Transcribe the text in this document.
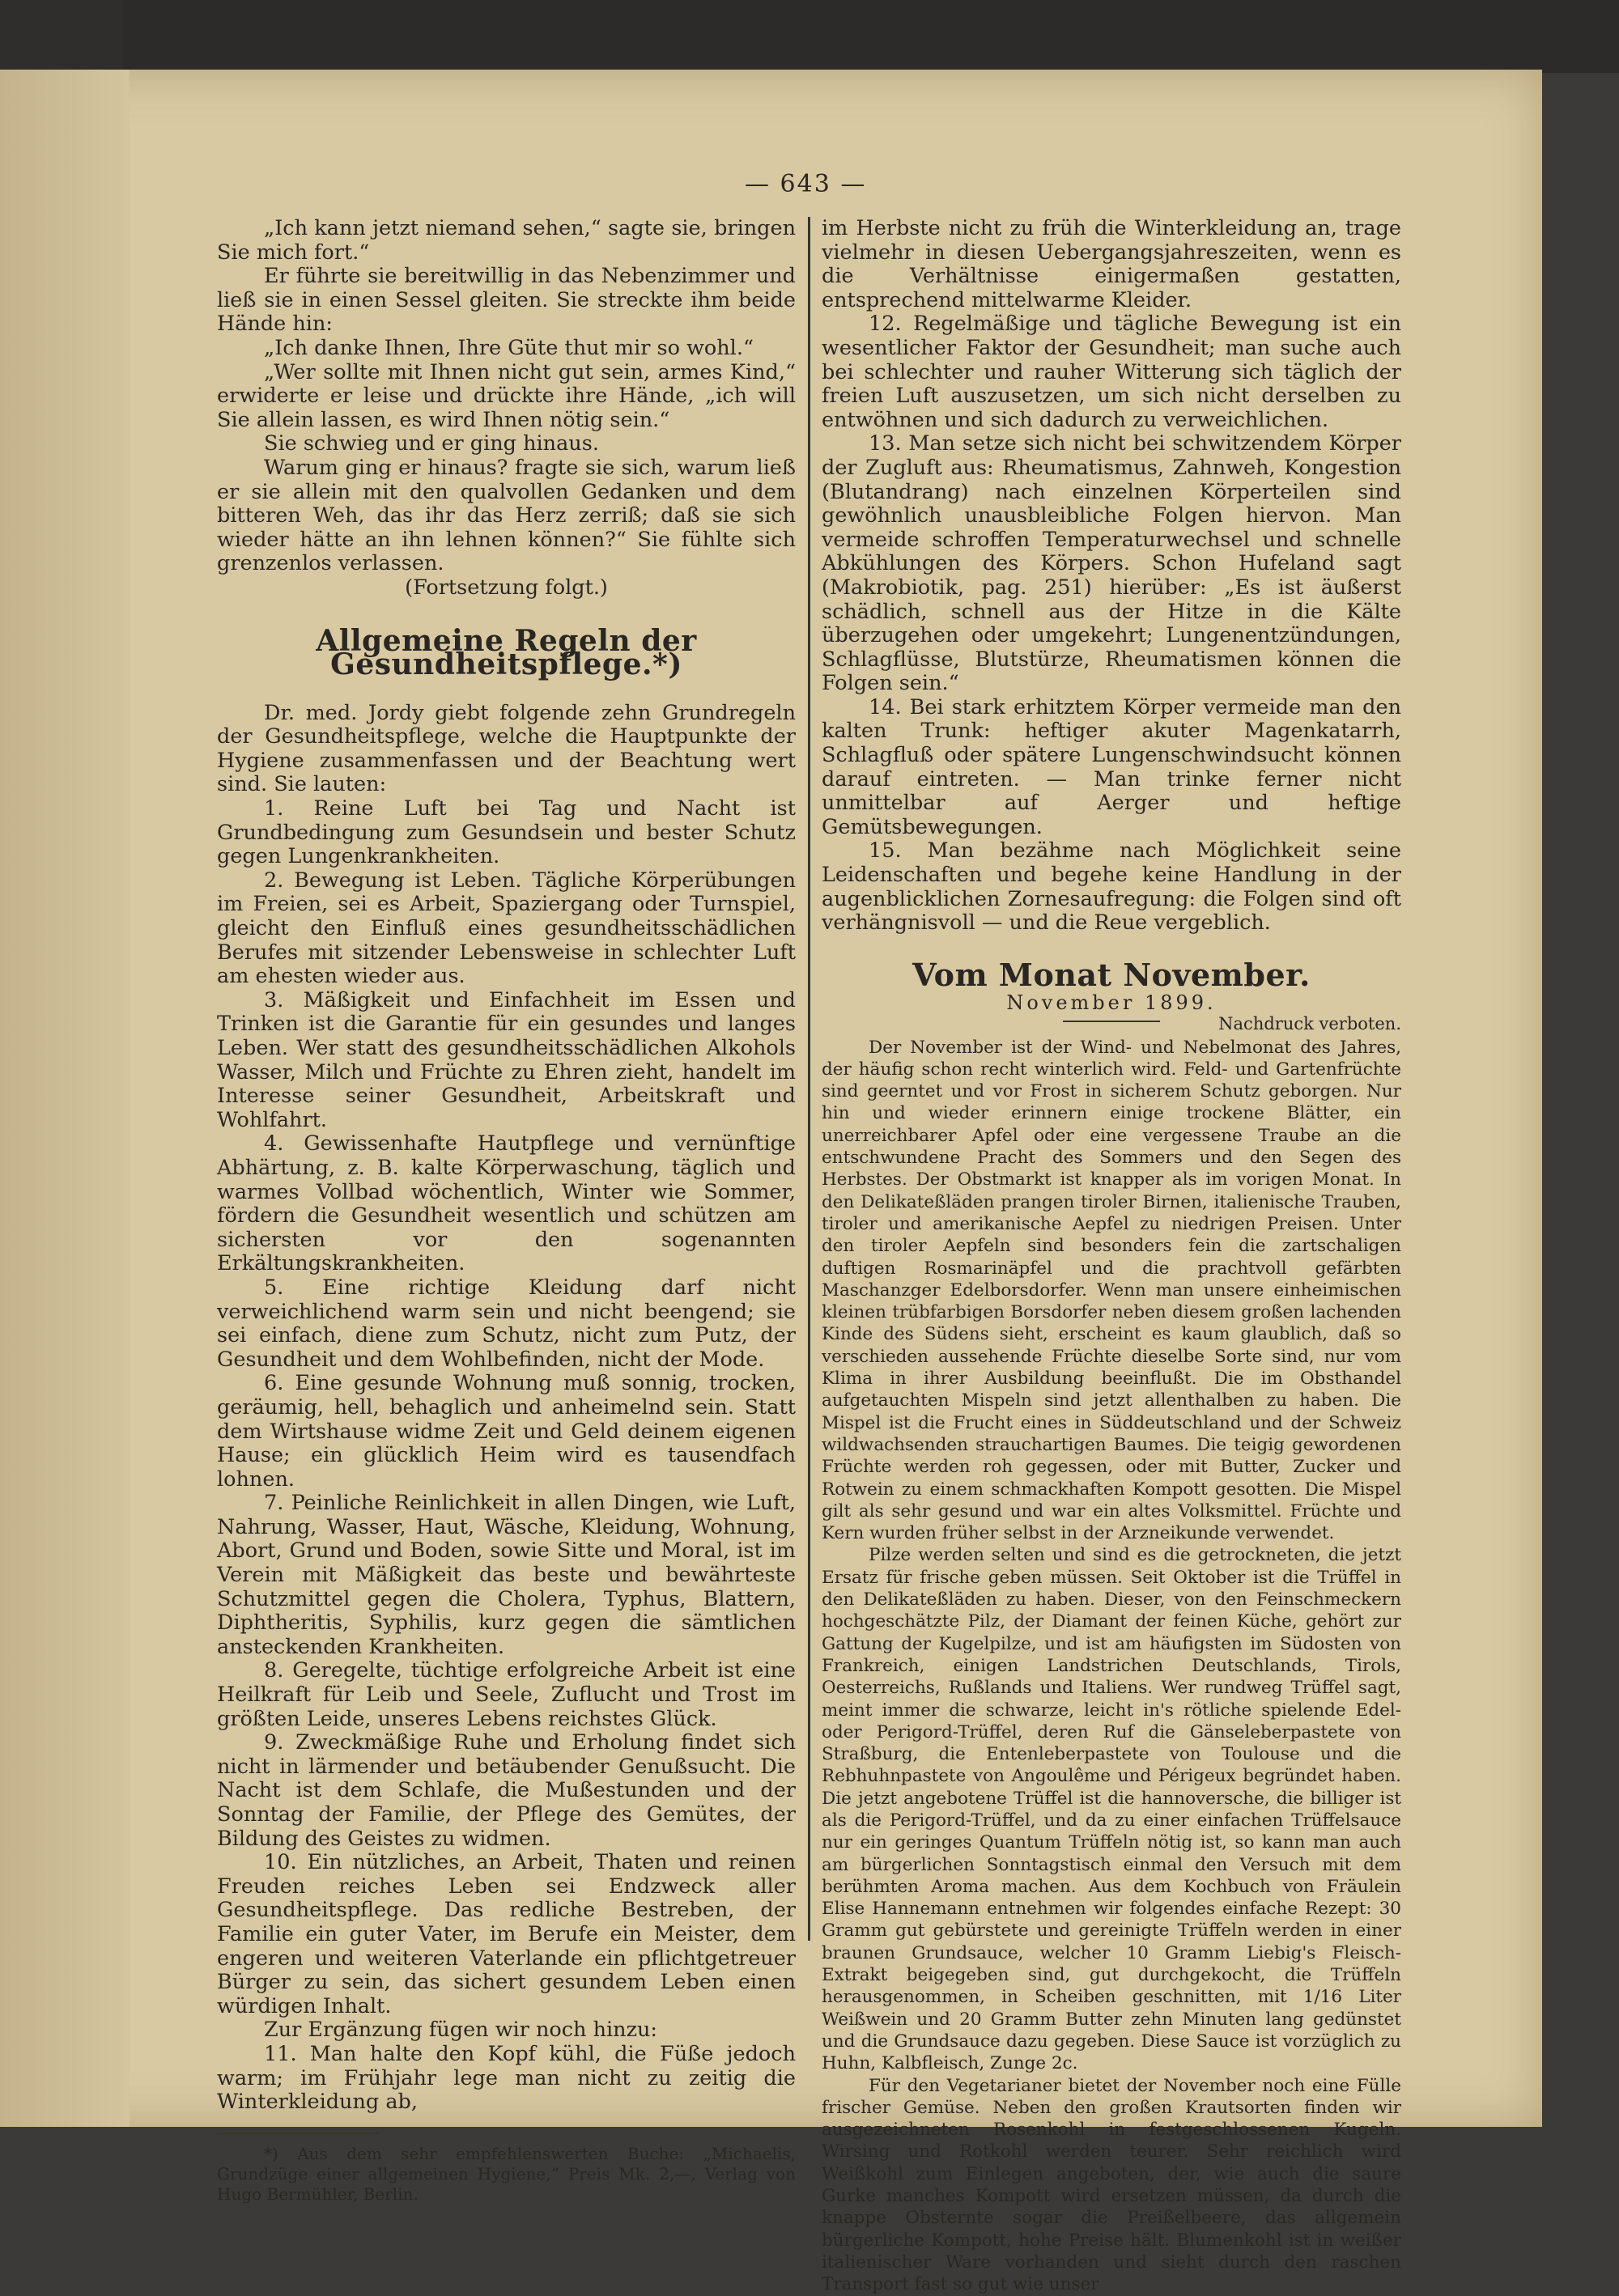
— 643 —

„Ich kann jetzt niemand sehen,“ sagte sie, bringen Sie mich fort.“

Er führte sie bereitwillig in das Nebenzimmer und ließ sie in einen Sessel gleiten. Sie streckte ihm beide Hände hin:

„Ich danke Ihnen, Ihre Güte thut mir so wohl.“

„Wer sollte mit Ihnen nicht gut sein, armes Kind,“ erwiderte er leise und drückte ihre Hände, „ich will Sie allein lassen, es wird Ihnen nötig sein.“

Sie schwieg und er ging hinaus.

Warum ging er hinaus? fragte sie sich, warum ließ er sie allein mit den qualvollen Gedanken und dem bitteren Weh, das ihr das Herz zerriß; daß sie sich wieder hätte an ihn lehnen können?“ Sie fühlte sich grenzenlos verlassen.

(Fortsetzung folgt.)

Allgemeine Regeln der Gesundheitspflege.*)

Dr. med. Jordy giebt folgende zehn Grundregeln der Gesundheitspflege, welche die Hauptpunkte der Hygiene zusammenfassen und der Beachtung wert sind. Sie lauten:

1. Reine Luft bei Tag und Nacht ist Grundbedingung zum Gesundsein und bester Schutz gegen Lungenkrankheiten.

2. Bewegung ist Leben. Tägliche Körperübungen im Freien, sei es Arbeit, Spaziergang oder Turnspiel, gleicht den Einfluß eines gesundheitsschädlichen Berufes mit sitzender Lebensweise in schlechter Luft am ehesten wieder aus.

3. Mäßigkeit und Einfachheit im Essen und Trinken ist die Garantie für ein gesundes und langes Leben. Wer statt des gesundheitsschädlichen Alkohols Wasser, Milch und Früchte zu Ehren zieht, handelt im Interesse seiner Gesundheit, Arbeitskraft und Wohlfahrt.

4. Gewissenhafte Hautpflege und vernünftige Abhärtung, z. B. kalte Körperwaschung, täglich und warmes Vollbad wöchentlich, Winter wie Sommer, fördern die Gesundheit wesentlich und schützen am sichersten vor den sogenannten Erkältungskrankheiten.

5. Eine richtige Kleidung darf nicht verweichlichend warm sein und nicht beengend; sie sei einfach, diene zum Schutz, nicht zum Putz, der Gesundheit und dem Wohlbefinden, nicht der Mode.

6. Eine gesunde Wohnung muß sonnig, trocken, geräumig, hell, behaglich und anheimelnd sein. Statt dem Wirtshause widme Zeit und Geld deinem eigenen Hause; ein glücklich Heim wird es tausendfach lohnen.

7. Peinliche Reinlichkeit in allen Dingen, wie Luft, Nahrung, Wasser, Haut, Wäsche, Kleidung, Wohnung, Abort, Grund und Boden, sowie Sitte und Moral, ist im Verein mit Mäßigkeit das beste und bewährteste Schutzmittel gegen die Cholera, Typhus, Blattern, Diphtheritis, Syphilis, kurz gegen die sämtlichen ansteckenden Krankheiten.

8. Geregelte, tüchtige erfolgreiche Arbeit ist eine Heilkraft für Leib und Seele, Zuflucht und Trost im größten Leide, unseres Lebens reichstes Glück.

9. Zweckmäßige Ruhe und Erholung findet sich nicht in lärmender und betäubender Genußsucht. Die Nacht ist dem Schlafe, die Mußestunden und der Sonntag der Familie, der Pflege des Gemütes, der Bildung des Geistes zu widmen.

10. Ein nützliches, an Arbeit, Thaten und reinen Freuden reiches Leben sei Endzweck aller Gesundheitspflege. Das redliche Bestreben, der Familie ein guter Vater, im Berufe ein Meister, dem engeren und weiteren Vaterlande ein pflichtgetreuer Bürger zu sein, das sichert gesundem Leben einen würdigen Inhalt.

Zur Ergänzung fügen wir noch hinzu:

11. Man halte den Kopf kühl, die Füße jedoch warm; im Frühjahr lege man nicht zu zeitig die Winterkleidung ab,

*) Aus dem sehr empfehlenswerten Buche: „Michaelis, Grundzüge einer allgemeinen Hygiene,“ Preis Mk. 2,—, Verlag von Hugo Bermühler, Berlin.

im Herbste nicht zu früh die Winterkleidung an, trage vielmehr in diesen Uebergangsjahreszeiten, wenn es die Verhältnisse einigermaßen gestatten, entsprechend mittelwarme Kleider.

12. Regelmäßige und tägliche Bewegung ist ein wesentlicher Faktor der Gesundheit; man suche auch bei schlechter und rauher Witterung sich täglich der freien Luft auszusetzen, um sich nicht derselben zu entwöhnen und sich dadurch zu verweichlichen.

13. Man setze sich nicht bei schwitzendem Körper der Zugluft aus: Rheumatismus, Zahnweh, Kongestion (Blutandrang) nach einzelnen Körperteilen sind gewöhnlich unausbleibliche Folgen hiervon. Man vermeide schroffen Temperaturwechsel und schnelle Abkühlungen des Körpers. Schon Hufeland sagt (Makrobiotik, pag. 251) hierüber: „Es ist äußerst schädlich, schnell aus der Hitze in die Kälte überzugehen oder umgekehrt; Lungenentzündungen, Schlagflüsse, Blutstürze, Rheumatismen können die Folgen sein.“

14. Bei stark erhitztem Körper vermeide man den kalten Trunk: heftiger akuter Magenkatarrh, Schlagfluß oder spätere Lungenschwindsucht können darauf eintreten. — Man trinke ferner nicht unmittelbar auf Aerger und heftige Gemütsbewegungen.

15. Man bezähme nach Möglichkeit seine Leidenschaften und begehe keine Handlung in der augenblicklichen Zornesaufregung: die Folgen sind oft verhängnisvoll — und die Reue vergeblich.

Vom Monat November.

November 1899.

Nachdruck verboten.

Der November ist der Wind- und Nebelmonat des Jahres, der häufig schon recht winterlich wird. Feld- und Gartenfrüchte sind geerntet und vor Frost in sicherem Schutz geborgen. Nur hin und wieder erinnern einige trockene Blätter, ein unerreichbarer Apfel oder eine vergessene Traube an die entschwundene Pracht des Sommers und den Segen des Herbstes. Der Obstmarkt ist knapper als im vorigen Monat. In den Delikateßläden prangen tiroler Birnen, italienische Trauben, tiroler und amerikanische Aepfel zu niedrigen Preisen. Unter den tiroler Aepfeln sind besonders fein die zartschaligen duftigen Rosmarinäpfel und die prachtvoll gefärbten Maschanzger Edelborsdorfer. Wenn man unsere einheimischen kleinen trübfarbigen Borsdorfer neben diesem großen lachenden Kinde des Südens sieht, erscheint es kaum glaublich, daß so verschieden aussehende Früchte dieselbe Sorte sind, nur vom Klima in ihrer Ausbildung beeinflußt. Die im Obsthandel aufgetauchten Mispeln sind jetzt allenthalben zu haben. Die Mispel ist die Frucht eines in Süddeutschland und der Schweiz wildwachsenden strauchartigen Baumes. Die teigig gewordenen Früchte werden roh gegessen, oder mit Butter, Zucker und Rotwein zu einem schmackhaften Kompott gesotten. Die Mispel gilt als sehr gesund und war ein altes Volksmittel. Früchte und Kern wurden früher selbst in der Arzneikunde verwendet.

Pilze werden selten und sind es die getrockneten, die jetzt Ersatz für frische geben müssen. Seit Oktober ist die Trüffel in den Delikateßläden zu haben. Dieser, von den Feinschmeckern hochgeschätzte Pilz, der Diamant der feinen Küche, gehört zur Gattung der Kugelpilze, und ist am häufigsten im Südosten von Frankreich, einigen Landstrichen Deutschlands, Tirols, Oesterreichs, Rußlands und Italiens. Wer rundweg Trüffel sagt, meint immer die schwarze, leicht in's rötliche spielende Edel- oder Perigord-Trüffel, deren Ruf die Gänseleberpastete von Straßburg, die Entenleberpastete von Toulouse und die Rebhuhnpastete von Angoulême und Périgeux begründet haben. Die jetzt angebotene Trüffel ist die hannoversche, die billiger ist als die Perigord-Trüffel, und da zu einer einfachen Trüffelsauce nur ein geringes Quantum Trüffeln nötig ist, so kann man auch am bürgerlichen Sonntagstisch einmal den Versuch mit dem berühmten Aroma machen. Aus dem Kochbuch von Fräulein Elise Hannemann entnehmen wir folgendes einfache Rezept: 30 Gramm gut gebürstete und gereinigte Trüffeln werden in einer braunen Grundsauce, welcher 10 Gramm Liebig's Fleisch-Extrakt beigegeben sind, gut durchgekocht, die Trüffeln herausgenommen, in Scheiben geschnitten, mit 1/16 Liter Weißwein und 20 Gramm Butter zehn Minuten lang gedünstet und die Grundsauce dazu gegeben. Diese Sauce ist vorzüglich zu Huhn, Kalbfleisch, Zunge 2c.

Für den Vegetarianer bietet der November noch eine Fülle frischer Gemüse. Neben den großen Krautsorten finden wir ausgezeichneten Rosenkohl in festgeschlossenen Kugeln. Wirsing und Rotkohl werden teurer. Sehr reichlich wird Weißkohl zum Einlegen angeboten, der, wie auch die saure Gurke manches Kompott wird ersetzen müssen, da durch die knappe Obsternte sogar die Preißelbeere, das allgemein bürgerliche Kompott, hohe Preise hält. Blumenkohl ist in weißer italienischer Ware vorhanden und sieht durch den raschen Transport fast so gut wie unser
